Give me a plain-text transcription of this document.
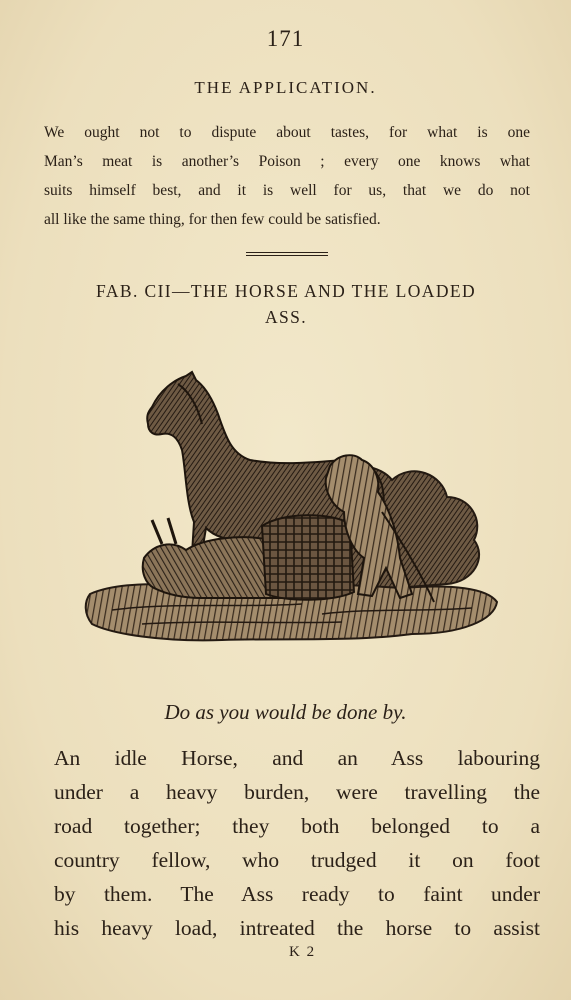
171
THE APPLICATION.
We ought not to dispute about tastes, for what is one
Man’s meat is another’s Poison ; every one knows what
suits himself best, and it is well for us, that we do not
all like the same thing, for then few could be satisfied.
FAB. CII—THE HORSE AND THE LOADED
ASS.
Do as you would be done by.
An idle Horse, and an Ass labouring
under a heavy burden, were travelling the
road together; they both belonged to a
country fellow, who trudged it on foot
by them. The Ass ready to faint under
his heavy load, intreated the horse to assist
K 2
